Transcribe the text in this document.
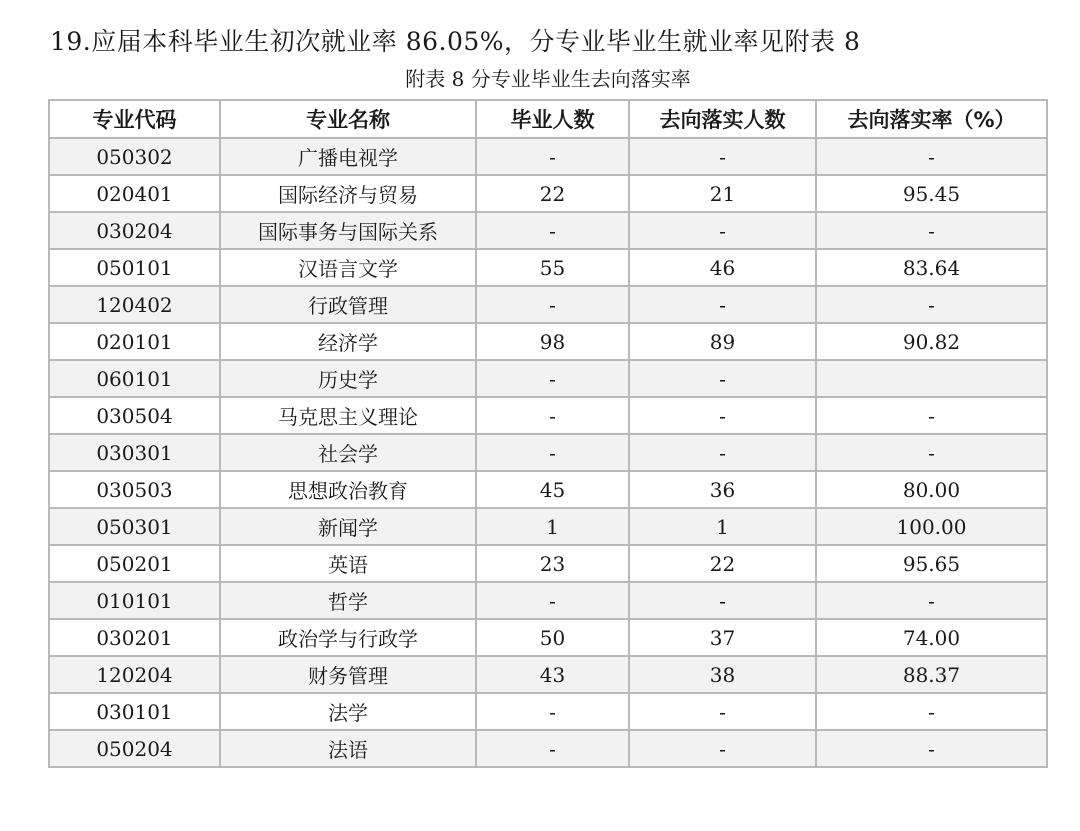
19.应届本科毕业生初次就业率 86.05%，分专业毕业生就业率见附表 8
附表 8 分专业毕业生去向落实率
专业代码	专业名称	毕业人数	去向落实人数	去向落实率（%）
050302	广播电视学	-	-	-
020401	国际经济与贸易	22	21	95.45
030204	国际事务与国际关系	-	-	-
050101	汉语言文学	55	46	83.64
120402	行政管理	-	-	-
020101	经济学	98	89	90.82
060101	历史学	-	-	
030504	马克思主义理论	-	-	-
030301	社会学	-	-	-
030503	思想政治教育	45	36	80.00
050301	新闻学	1	1	100.00
050201	英语	23	22	95.65
010101	哲学	-	-	-
030201	政治学与行政学	50	37	74.00
120204	财务管理	43	38	88.37
030101	法学	-	-	-
050204	法语	-	-	-
